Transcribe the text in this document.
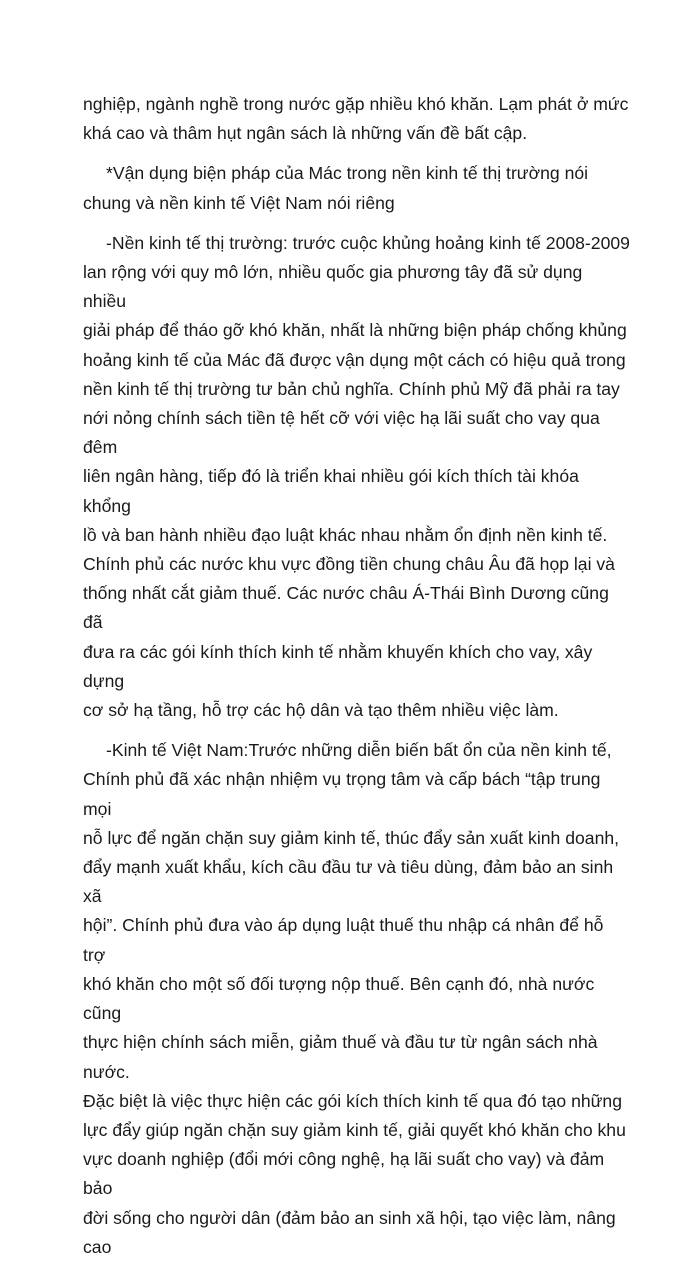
nghiệp, ngành nghề trong nước gặp nhiều khó khăn. Lạm phát ở mức
khá cao và thâm hụt ngân sách là những vấn đề bất cập.

*Vận dụng biện pháp của Mác trong nền kinh tế thị trường nói
chung và nền kinh tế Việt Nam nói riêng

-Nền kinh tế thị trường: trước cuộc khủng hoảng kinh tế 2008-2009
lan rộng với quy mô lớn, nhiều quốc gia phương tây đã sử dụng nhiều
giải pháp để tháo gỡ khó khăn, nhất là những biện pháp chống khủng
hoảng kinh tế của Mác đã được vận dụng một cách có hiệu quả trong
nền kinh tế thị trường tư bản chủ nghĩa. Chính phủ Mỹ đã phải ra tay
nới nỏng chính sách tiền tệ hết cỡ với việc hạ lãi suất cho vay qua đêm
liên ngân hàng, tiếp đó là triển khai nhiều gói kích thích tài khóa khổng
lồ và ban hành nhiều đạo luật khác nhau nhằm ổn định nền kinh tế.
Chính phủ các nước khu vực đồng tiền chung châu Âu đã họp lại và
thống nhất cắt giảm thuế. Các nước châu Á-Thái Bình Dương cũng đã
đưa ra các gói kính thích kinh tế nhằm khuyến khích cho vay, xây dựng
cơ sở hạ tầng, hỗ trợ các hộ dân và tạo thêm nhiều việc làm.

-Kinh tế Việt Nam:Trước những diễn biến bất ổn của nền kinh tế,
Chính phủ đã xác nhận nhiệm vụ trọng tâm và cấp bách “tập trung mọi
nỗ lực để ngăn chặn suy giảm kinh tế, thúc đẩy sản xuất kinh doanh,
đẩy mạnh xuất khẩu, kích cầu đầu tư và tiêu dùng, đảm bảo an sinh xã
hội”. Chính phủ đưa vào áp dụng luật thuế thu nhập cá nhân để hỗ trợ
khó khăn cho một số đối tượng nộp thuế. Bên cạnh đó, nhà nước cũng
thực hiện chính sách miễn, giảm thuế và đầu tư từ ngân sách nhà nước.
Đặc biệt là việc thực hiện các gói kích thích kinh tế qua đó tạo những
lực đẩy giúp ngăn chặn suy giảm kinh tế, giải quyết khó khăn cho khu
vực doanh nghiệp (đổi mới công nghệ, hạ lãi suất cho vay) và đảm bảo
đời sống cho người dân (đảm bảo an sinh xã hội, tạo việc làm, nâng cao
